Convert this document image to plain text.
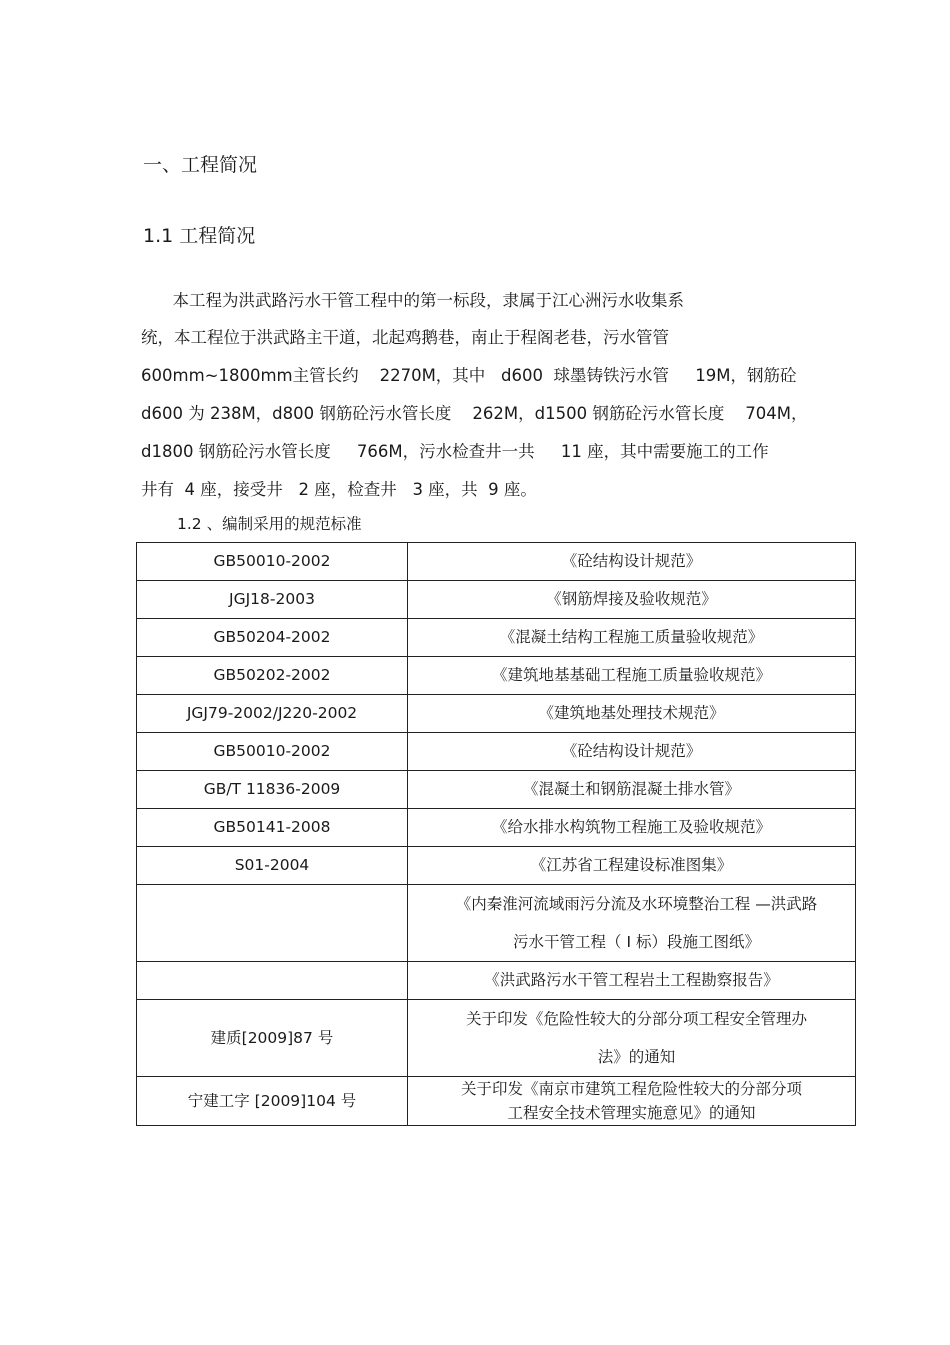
一、工程简况
1.1 工程简况
本工程为洪武路污水干管工程中的第一标段，隶属于江心洲污水收集系
统，本工程位于洪武路主干道，北起鸡鹅巷，南止于程阁老巷，污水管管
600mm~1800mm主管长约    2270M，其中   d600  球墨铸铁污水管     19M，钢筋砼
d600 为 238M，d800 钢筋砼污水管长度    262M，d1500 钢筋砼污水管长度    704M，
d1800 钢筋砼污水管长度     766M，污水检查井一共     11 座，其中需要施工的工作
井有  4 座，接受井   2 座，检查井   3 座，共  9 座。
1.2 、编制采用的规范标准
GB50010-2002	《砼结构设计规范》
JGJ18-2003	《钢筋焊接及验收规范》
GB50204-2002	《混凝土结构工程施工质量验收规范》
GB50202-2002	《建筑地基基础工程施工质量验收规范》
JGJ79-2002/J220-2002	《建筑地基处理技术规范》
GB50010-2002	《砼结构设计规范》
GB/T 11836-2009	《混凝土和钢筋混凝土排水管》
GB50141-2008	《给水排水构筑物工程施工及验收规范》
S01-2004	《江苏省工程建设标准图集》

	《内秦淮河流域雨污分流及水环境整治工程 —洪武路
污水干管工程（ Ⅰ 标）段施工图纸》

	《洪武路污水干管工程岩土工程勘察报告》
建质[2009]87 号	关于印发《危险性较大的分部分项工程安全管理办
法》的通知

宁建工字 [2009]104 号	关于印发《南京市建筑工程危险性较大的分部分项
工程安全技术管理实施意见》的通知
